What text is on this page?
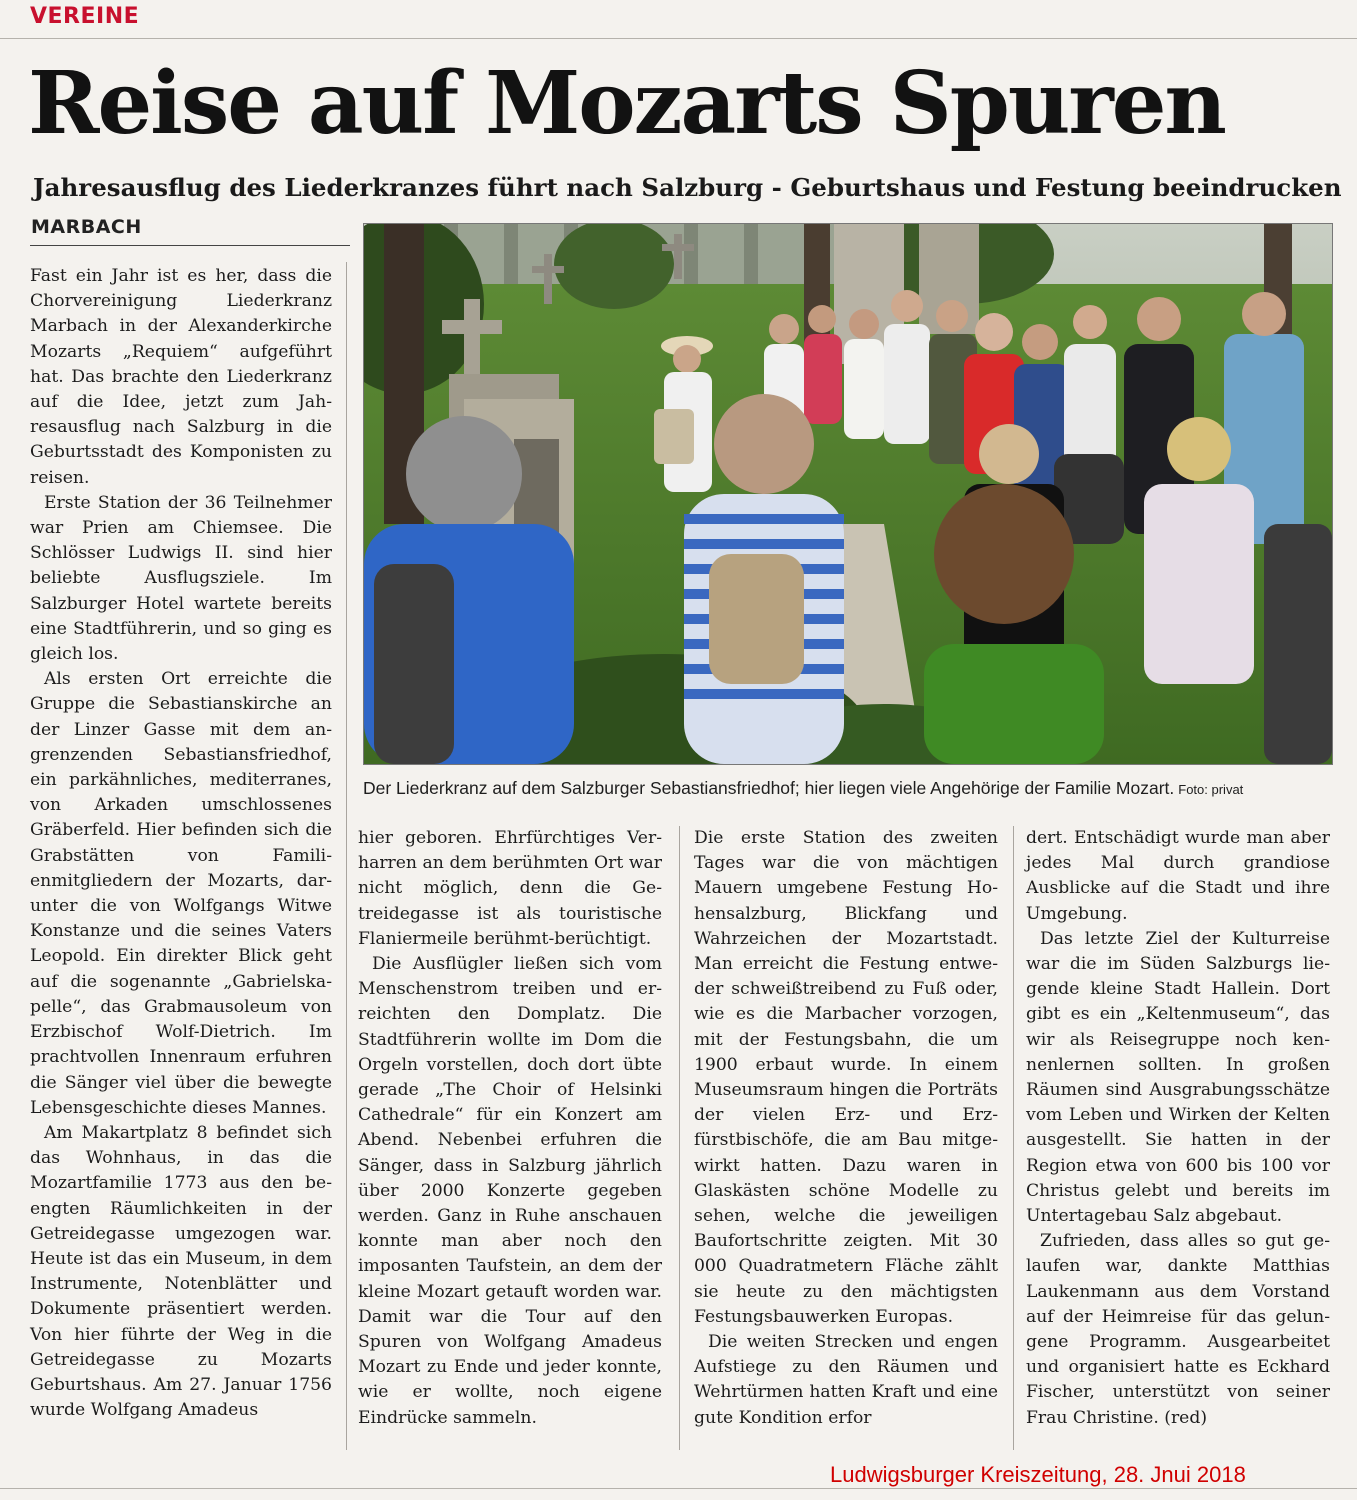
VEREINE
Reise auf Mozarts Spuren
Jahresausflug des Liederkranzes führt nach Salzburg - Geburtshaus und Festung beeindrucken
MARBACH

Fast ein Jahr ist es her, dass die Chorvereinigung Liederkranz Marbach in der Alexanderkirche Mozarts „Requiem“ aufgeführt hat. Das brachte den Liederkranz auf die Idee, jetzt zum Jahresausflug nach Salzburg in die Geburtsstadt des Komponisten zu reisen.

Erste Station der 36 Teilnehmer war Prien am Chiemsee. Die Schlösser Ludwigs II. sind hier beliebte Ausflugsziele. Im Salzburger Hotel wartete bereits eine Stadtführerin, und so ging es gleich los.

Als ersten Ort erreichte die Gruppe die Sebastianskirche an der Linzer Gasse mit dem angrenzenden Sebastiansfriedhof, ein parkähnliches, mediterranes, von Arkaden umschlossenes Gräberfeld. Hier befinden sich die Grabstätten von Familienmitgliedern der Mozarts, darunter die von Wolfgangs Witwe Konstanze und die seines Vaters Leopold. Ein direkter Blick geht auf die sogenannte „Gabrielskapelle“, das Grabmausoleum von Erzbischof Wolf-Dietrich. Im prachtvollen Innenraum erfuhren die Sänger viel über die bewegte Lebensgeschichte dieses Mannes.

Am Makartplatz 8 befindet sich das Wohnhaus, in das die Mozartfamilie 1773 aus den beengten Räumlichkeiten in der Getreidegasse umgezogen war. Heute ist das ein Museum, in dem Instrumente, Notenblätter und Dokumente präsentiert werden. Von hier führte der Weg in die Getreidegasse zu Mozarts Geburtshaus. Am 27. Januar 1756 wurde Wolfgang Amadeus

Der Liederkranz auf dem Salzburger Sebastiansfriedhof; hier liegen viele Angehörige der Familie Mozart. Foto: privat

hier geboren. Ehrfürchtiges Verharren an dem berühmten Ort war nicht möglich, denn die Getreidegasse ist als touristische Flaniermeile berühmt-berüchtigt.

Die Ausflügler ließen sich vom Menschenstrom treiben und erreichten den Domplatz. Die Stadtführerin wollte im Dom die Orgeln vorstellen, doch dort übte gerade „The Choir of Helsinki Cathedrale“ für ein Konzert am Abend. Nebenbei erfuhren die Sänger, dass in Salzburg jährlich über 2000 Konzerte gegeben werden. Ganz in Ruhe anschauen konnte man aber noch den imposanten Taufstein, an dem der kleine Mozart getauft worden war. Damit war die Tour auf den Spuren von Wolfgang Amadeus Mozart zu Ende und jeder konnte, wie er wollte, noch eigene Eindrücke sammeln.

Die erste Station des zweiten Tages war die von mächtigen Mauern umgebene Festung Hohensalzburg, Blickfang und Wahrzeichen der Mozartstadt. Man erreicht die Festung entweder schweißtreibend zu Fuß oder, wie es die Marbacher vorzogen, mit der Festungsbahn, die um 1900 erbaut wurde. In einem Museumsraum hingen die Porträts der vielen Erz- und Erzfürstbischöfe, die am Bau mitgewirkt hatten. Dazu waren in Glaskästen schöne Modelle zu sehen, welche die jeweiligen Baufortschritte zeigten. Mit 30 000 Quadratmetern Fläche zählt sie heute zu den mächtigsten Festungsbauwerken Europas.

Die weiten Strecken und engen Aufstiege zu den Räumen und Wehrtürmen hatten Kraft und eine gute Kondition erfor

dert. Entschädigt wurde man aber jedes Mal durch grandiose Ausblicke auf die Stadt und ihre Umgebung.

Das letzte Ziel der Kulturreise war die im Süden Salzburgs liegende kleine Stadt Hallein. Dort gibt es ein „Keltenmuseum“, das wir als Reisegruppe noch kennenlernen sollten. In großen Räumen sind Ausgrabungsschätze vom Leben und Wirken der Kelten ausgestellt. Sie hatten in der Region etwa von 600 bis 100 vor Christus gelebt und bereits im Untertagebau Salz abgebaut.

Zufrieden, dass alles so gut gelaufen war, dankte Matthias Laukenmann aus dem Vorstand auf der Heimreise für das gelungene Programm. Ausgearbeitet und organisiert hatte es Eckhard Fischer, unterstützt von seiner Frau Christine. (red)

Ludwigsburger Kreiszeitung, 28. Jnui 2018
